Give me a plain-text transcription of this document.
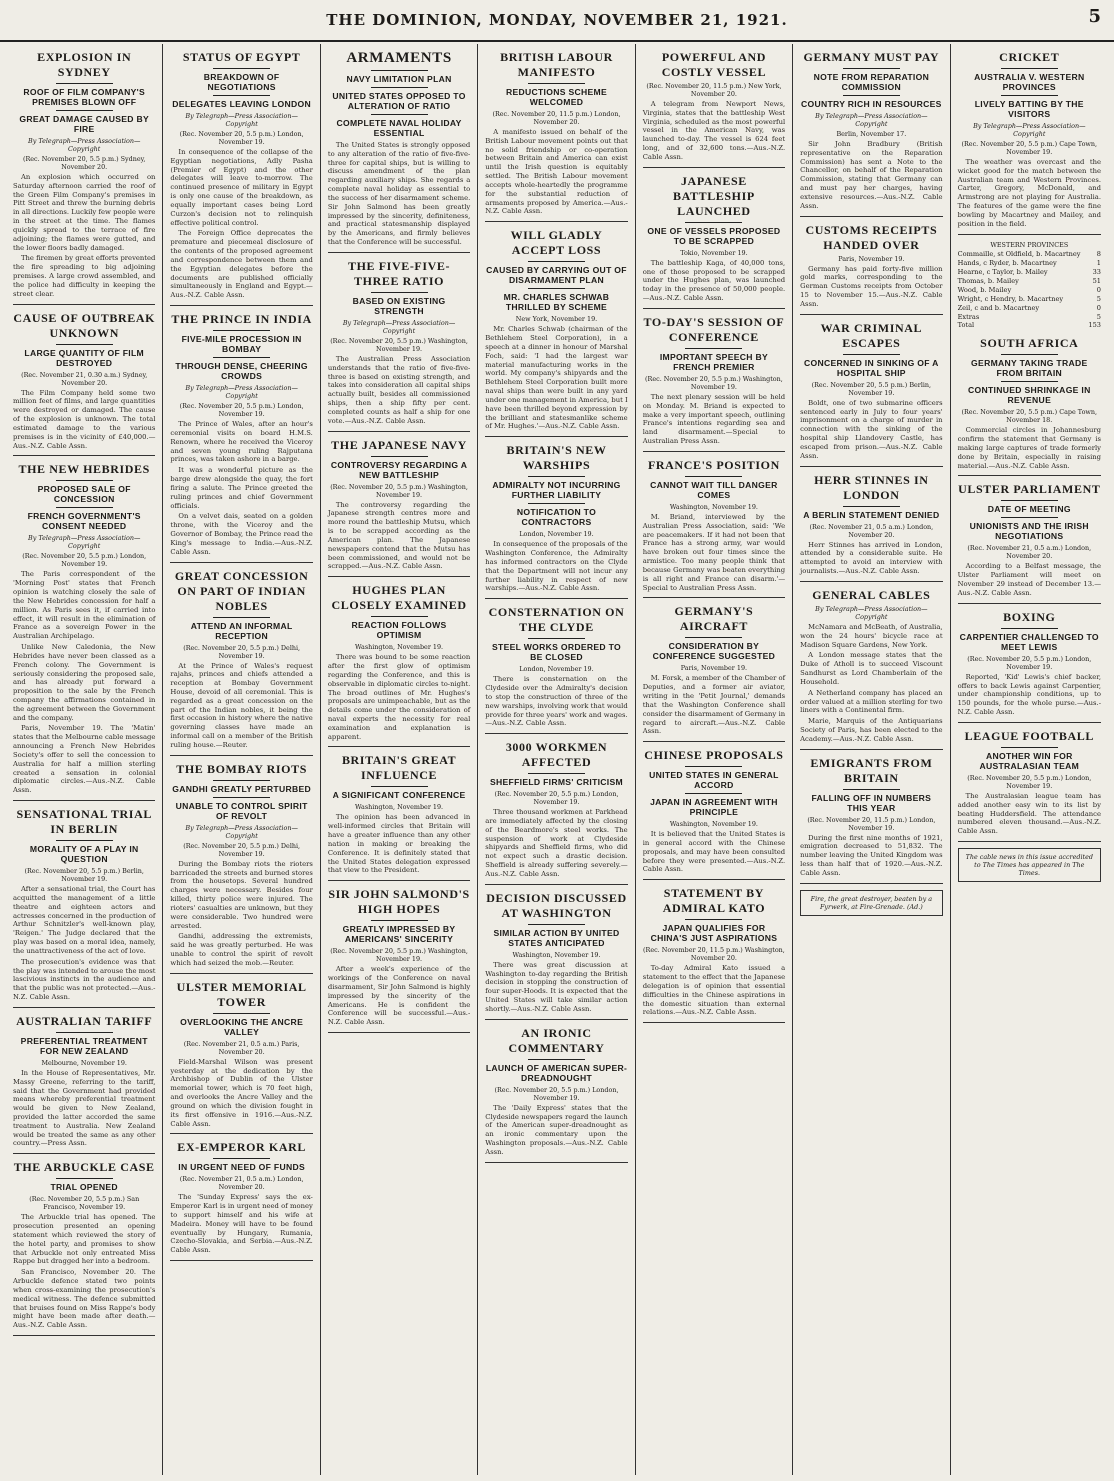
THE DOMINION, MONDAY, NOVEMBER 21, 1921.	5
EXPLOSION IN SYDNEY
ROOF OF FILM COMPANY'S PREMISES BLOWN OFF
GREAT DAMAGE CAUSED BY FIRE
By Telegraph—Press Association—Copyright
(Rec. November 20, 5.5 p.m.) Sydney, November 20.

An explosion which occurred on Saturday afternoon carried the roof of the Green Film Company's premises in Pitt Street and threw the burning debris in all directions. Luckily few people were in the street at the time. The flames quickly spread to the terrace of fire adjoining; the flames were gutted, and the lower floors badly damaged.

The firemen by great efforts prevented the fire spreading to big adjoining premises. A large crowd assembled, and the police had difficulty in keeping the street clear.

CAUSE OF OUTBREAK UNKNOWN
LARGE QUANTITY OF FILM DESTROYED
(Rec. November 21, 0.30 a.m.) Sydney, November 20.

The Film Company held some two million feet of films, and large quantities were destroyed or damaged. The cause of the explosion is unknown. The total estimated damage to the various premises is in the vicinity of £40,000.—Aus.-N.Z. Cable Assn.

THE NEW HEBRIDES
PROPOSED SALE OF CONCESSION
FRENCH GOVERNMENT'S CONSENT NEEDED
By Telegraph—Press Association—Copyright
(Rec. November 20, 5.5 p.m.) London, November 19.

The Paris correspondent of the 'Morning Post' states that French opinion is watching closely the sale of the New Hebrides concession for half a million. As Paris sees it, if carried into effect, it will result in the elimination of France as a sovereign Power in the Australian Archipelago.

Unlike New Caledonia, the New Hebrides have never been classed as a French colony. The Government is seriously considering the proposed sale, and has already put forward a proposition to the sale by the French company the affirmations contained in the agreement between the Government and the company.

Paris, November 19. The 'Matin' states that the Melbourne cable message announcing a French New Hebrides Society's offer to sell the concession to Australia for half a million sterling created a sensation in colonial diplomatic circles.—Aus.-N.Z. Cable Assn.

SENSATIONAL TRIAL IN BERLIN
MORALITY OF A PLAY IN QUESTION
(Rec. November 20, 5.5 p.m.) Berlin, November 19.

After a sensational trial, the Court has acquitted the management of a little theatre and eighteen actors and actresses concerned in the production of Arthur Schnitzler's well-known play, 'Reigen.' The Judge declared that the play was based on a moral idea, namely, the unattractiveness of the act of love.

The prosecution's evidence was that the play was intended to arouse the most lascivious instincts in the audience and that the public was not protected.—Aus.-N.Z. Cable Assn.

AUSTRALIAN TARIFF
PREFERENTIAL TREATMENT FOR NEW ZEALAND
Melbourne, November 19.

In the House of Representatives, Mr. Massy Greene, referring to the tariff, said that the Government had provided means whereby preferential treatment would be given to New Zealand, provided the latter accorded the same treatment to Australia. New Zealand would be treated the same as any other country.—Press Assn.

THE ARBUCKLE CASE
TRIAL OPENED
(Rec. November 20, 5.5 p.m.) San Francisco, November 19.

The Arbuckle trial has opened. The prosecution presented an opening statement which reviewed the story of the hotel party, and promises to show that Arbuckle not only entreated Miss Rappe but dragged her into a bedroom.

San Francisco, November 20. The Arbuckle defence stated two points when cross-examining the prosecution's medical witness. The defence submitted that bruises found on Miss Rappe's body might have been made after death.—Aus.-N.Z. Cable Assn.

STATUS OF EGYPT
BREAKDOWN OF NEGOTIATIONS
DELEGATES LEAVING LONDON
By Telegraph—Press Association—Copyright
(Rec. November 20, 5.5 p.m.) London, November 19.

In consequence of the collapse of the Egyptian negotiations, Adly Pasha (Premier of Egypt) and the other delegates will leave to-morrow. The continued presence of military in Egypt is only one cause of the breakdown, as equally important cases being Lord Curzon's decision not to relinquish effective political control.

The Foreign Office deprecates the premature and piecemeal disclosure of the contents of the proposed agreement and correspondence between them and the Egyptian delegates before the documents are published officially simultaneously in England and Egypt.—Aus.-N.Z. Cable Assn.

THE PRINCE IN INDIA
FIVE-MILE PROCESSION IN BOMBAY
THROUGH DENSE, CHEERING CROWDS
By Telegraph—Press Association—Copyright
(Rec. November 20, 5.5 p.m.) London, November 19.

The Prince of Wales, after an hour's ceremonial visits on board H.M.S. Renown, where he received the Viceroy and seven young ruling Rajputana princes, was taken ashore in a barge.

It was a wonderful picture as the barge drew alongside the quay, the fort firing a salute. The Prince greeted the ruling princes and chief Government officials.

On a velvet dais, seated on a golden throne, with the Viceroy and the Governor of Bombay, the Prince read the King's message to India.—Aus.-N.Z. Cable Assn.

GREAT CONCESSION ON PART OF INDIAN NOBLES
ATTEND AN INFORMAL RECEPTION
(Rec. November 20, 5.5 p.m.) Delhi, November 19.

At the Prince of Wales's request rajahs, princes and chiefs attended a reception at Bombay Government House, devoid of all ceremonial. This is regarded as a great concession on the part of the Indian nobles, it being the first occasion in history where the native governing classes have made an informal call on a member of the British ruling house.—Reuter.

THE BOMBAY RIOTS
GANDHI GREATLY PERTURBED
UNABLE TO CONTROL SPIRIT OF REVOLT
By Telegraph—Press Association—Copyright
(Rec. November 20, 5.5 p.m.) Delhi, November 19.

During the Bombay riots the rioters barricaded the streets and burned stores from the housetops. Several hundred charges were necessary. Besides four killed, thirty police were injured. The rioters' casualties are unknown, but they were considerable. Two hundred were arrested.

Gandhi, addressing the extremists, said he was greatly perturbed. He was unable to control the spirit of revolt which had seized the mob.—Reuter.

ULSTER MEMORIAL TOWER
OVERLOOKING THE ANCRE VALLEY
(Rec. November 21, 0.5 a.m.) Paris, November 20.

Field-Marshal Wilson was present yesterday at the dedication by the Archbishop of Dublin of the Ulster memorial tower, which is 70 feet high, and overlooks the Ancre Valley and the ground on which the division fought in its first offensive in 1916.—Aus.-N.Z. Cable Assn.

EX-EMPEROR KARL
IN URGENT NEED OF FUNDS
(Rec. November 21, 0.5 a.m.) London, November 20.

The 'Sunday Express' says the ex-Emperor Karl is in urgent need of money to support himself and his wife at Madeira. Money will have to be found eventually by Hungary, Rumania, Czecho-Slovakia, and Serbia.—Aus.-N.Z. Cable Assn.

ARMAMENTS
NAVY LIMITATION PLAN
UNITED STATES OPPOSED TO ALTERATION OF RATIO
COMPLETE NAVAL HOLIDAY ESSENTIAL

The United States is strongly opposed to any alteration of the ratio of five-five-three for capital ships, but is willing to discuss amendment of the plan regarding auxiliary ships. She regards a complete naval holiday as essential to the success of her disarmament scheme. Sir John Salmond has been greatly impressed by the sincerity, definiteness, and practical statesmanship displayed by the Americans, and firmly believes that the Conference will be successful.

THE FIVE-FIVE-THREE RATIO
BASED ON EXISTING STRENGTH
By Telegraph—Press Association—Copyright
(Rec. November 20, 5.5 p.m.) Washington, November 19.

The Australian Press Association understands that the ratio of five-five-three is based on existing strength, and takes into consideration all capital ships actually built, besides all commissioned ships, then a ship fifty per cent. completed counts as half a ship for one vote.—Aus.-N.Z. Cable Assn.

THE JAPANESE NAVY
CONTROVERSY REGARDING A NEW BATTLESHIP
(Rec. November 20, 5.5 p.m.) Washington, November 19.

The controversy regarding the Japanese strength centres more and more round the battleship Mutsu, which is to be scrapped according as the American plan. The Japanese newspapers contend that the Mutsu has been commissioned, and would not be scrapped.—Aus.-N.Z. Cable Assn.

HUGHES PLAN CLOSELY EXAMINED
REACTION FOLLOWS OPTIMISM
Washington, November 19.

There was bound to be some reaction after the first glow of optimism regarding the Conference, and this is observable in diplomatic circles to-night. The broad outlines of Mr. Hughes's proposals are unimpeachable, but as the details come under the consideration of naval experts the necessity for real examination and explanation is apparent.

BRITAIN'S GREAT INFLUENCE
A SIGNIFICANT CONFERENCE
Washington, November 19.

The opinion has been advanced in well-informed circles that Britain will have a greater influence than any other nation in making or breaking the Conference. It is definitely stated that the United States delegation expressed that view to the President.

SIR JOHN SALMOND'S HIGH HOPES
GREATLY IMPRESSED BY AMERICANS' SINCERITY
(Rec. November 20, 5.5 p.m.) Washington, November 19.

After a week's experience of the workings of the Conference on naval disarmament, Sir John Salmond is highly impressed by the sincerity of the Americans. He is confident the Conference will be successful.—Aus.-N.Z. Cable Assn.

BRITISH LABOUR MANIFESTO
REDUCTIONS SCHEME WELCOMED
(Rec. November 20, 11.5 p.m.) London, November 20.

A manifesto issued on behalf of the British Labour movement points out that no solid friendship or co-operation between Britain and America can exist until the Irish question is equitably settled. The British Labour movement accepts whole-heartedly the programme for the substantial reduction of armaments proposed by America.—Aus.-N.Z. Cable Assn.

WILL GLADLY ACCEPT LOSS
CAUSED BY CARRYING OUT OF DISARMAMENT PLAN
MR. CHARLES SCHWAB THRILLED BY SCHEME
New York, November 19.

Mr. Charles Schwab (chairman of the Bethlehem Steel Corporation), in a speech at a dinner in honour of Marshal Foch, said: 'I had the largest war material manufacturing works in the world. My company's shipyards and the Bethlehem Steel Corporation built more naval ships than were built in any yard under one management in America, but I have been thrilled beyond expression by the brilliant and statesmanlike scheme of Mr. Hughes.'—Aus.-N.Z. Cable Assn.

BRITAIN'S NEW WARSHIPS
ADMIRALTY NOT INCURRING FURTHER LIABILITY
NOTIFICATION TO CONTRACTORS
London, November 19.

In consequence of the proposals of the Washington Conference, the Admiralty has informed contractors on the Clyde that the Department will not incur any further liability in respect of new warships.—Aus.-N.Z. Cable Assn.

CONSTERNATION ON THE CLYDE
STEEL WORKS ORDERED TO BE CLOSED
London, November 19.

There is consternation on the Clydeside over the Admiralty's decision to stop the construction of three of the new warships, involving work that would provide for three years' work and wages.—Aus.-N.Z. Cable Assn.

3000 WORKMEN AFFECTED
SHEFFIELD FIRMS' CRITICISM
(Rec. November 20, 5.5 p.m.) London, November 19.

Three thousand workmen at Parkhead are immediately affected by the closing of the Beardmore's steel works. The suspension of work at Clydeside shipyards and Sheffield firms, who did not expect such a drastic decision. Sheffield is already suffering severely.—Aus.-N.Z. Cable Assn.

DECISION DISCUSSED AT WASHINGTON
SIMILAR ACTION BY UNITED STATES ANTICIPATED
Washington, November 19.

There was great discussion at Washington to-day regarding the British decision in stopping the construction of four super-Hoods. It is expected that the United States will take similar action shortly.—Aus.-N.Z. Cable Assn.

AN IRONIC COMMENTARY
LAUNCH OF AMERICAN SUPER-DREADNOUGHT
(Rec. November 20, 5.5 p.m.) London, November 19.

The 'Daily Express' states that the Clydeside newspapers regard the launch of the American super-dreadnought as an ironic commentary upon the Washington proposals.—Aus.-N.Z. Cable Assn.

POWERFUL AND COSTLY VESSEL
(Rec. November 20, 11.5 p.m.) New York, November 20.

A telegram from Newport News, Virginia, states that the battleship West Virginia, scheduled as the most powerful vessel in the American Navy, was launched to-day. The vessel is 624 feet long, and of 32,600 tons.—Aus.-N.Z. Cable Assn.

JAPANESE BATTLESHIP LAUNCHED
ONE OF VESSELS PROPOSED TO BE SCRAPPED
Tokio, November 19.

The battleship Kaga, of 40,000 tons, one of those proposed to be scrapped under the Hughes plan, was launched today in the presence of 50,000 people.—Aus.-N.Z. Cable Assn.

TO-DAY'S SESSION OF CONFERENCE
IMPORTANT SPEECH BY FRENCH PREMIER
(Rec. November 20, 5.5 p.m.) Washington, November 19.

The next plenary session will be held on Monday. M. Briand is expected to make a very important speech, outlining France's intentions regarding sea and land disarmament.—Special to Australian Press Assn.

FRANCE'S POSITION
CANNOT WAIT TILL DANGER COMES
Washington, November 19.

M. Briand, interviewed by the Australian Press Association, said: 'We are peacemakers. If it had not been that France has a strong army, war would have broken out four times since the armistice. Too many people think that because Germany was beaten everything is all right and France can disarm.'—Special to Australian Press Assn.

GERMANY'S AIRCRAFT
CONSIDERATION BY CONFERENCE SUGGESTED
Paris, November 19.

M. Forsk, a member of the Chamber of Deputies, and a former air aviator, writing in the 'Petit Journal,' demands that the Washington Conference shall consider the disarmament of Germany in regard to aircraft.—Aus.-N.Z. Cable Assn.

CHINESE PROPOSALS
UNITED STATES IN GENERAL ACCORD
JAPAN IN AGREEMENT WITH PRINCIPLE
Washington, November 19.

It is believed that the United States is in general accord with the Chinese proposals, and may have been consulted before they were presented.—Aus.-N.Z. Cable Assn.

STATEMENT BY ADMIRAL KATO
JAPAN QUALIFIES FOR CHINA'S JUST ASPIRATIONS
(Rec. November 20, 11.5 p.m.) Washington, November 20.

To-day Admiral Kato issued a statement to the effect that the Japanese delegation is of opinion that essential difficulties in the Chinese aspirations in the domestic situation than external relations.—Aus.-N.Z. Cable Assn.

GERMANY MUST PAY
NOTE FROM REPARATION COMMISSION
COUNTRY RICH IN RESOURCES
By Telegraph—Press Association—Copyright
Berlin, November 17.

Sir John Bradbury (British representative on the Reparation Commission) has sent a Note to the Chancellor, on behalf of the Reparation Commission, stating that Germany can and must pay her charges, having extensive resources.—Aus.-N.Z. Cable Assn.

CUSTOMS RECEIPTS HANDED OVER
Paris, November 19.

Germany has paid forty-five million gold marks, corresponding to the German Customs receipts from October 15 to November 15.—Aus.-N.Z. Cable Assn.

WAR CRIMINAL ESCAPES
CONCERNED IN SINKING OF A HOSPITAL SHIP
(Rec. November 20, 5.5 p.m.) Berlin, November 19.

Boldt, one of two submarine officers sentenced early in July to four years' imprisonment on a charge of murder in connection with the sinking of the hospital ship Llandovery Castle, has escaped from prison.—Aus.-N.Z. Cable Assn.

HERR STINNES IN LONDON
A BERLIN STATEMENT DENIED
(Rec. November 21, 0.5 a.m.) London, November 20.

Herr Stinnes has arrived in London, attended by a considerable suite. He attempted to avoid an interview with journalists.—Aus.-N.Z. Cable Assn.

GENERAL CABLES
By Telegraph—Press Association—Copyright

McNamara and McBeath, of Australia, won the 24 hours' bicycle race at Madison Square Gardens, New York.

A London message states that the Duke of Atholl is to succeed Viscount Sandhurst as Lord Chamberlain of the Household.

A Netherland company has placed an order valued at a million sterling for two liners with a Continental firm.

Marie, Marquis of the Antiquarians Society of Paris, has been elected to the Academy.—Aus.-N.Z. Cable Assn.

EMIGRANTS FROM BRITAIN
FALLING OFF IN NUMBERS THIS YEAR
(Rec. November 20, 11.5 p.m.) London, November 19.

During the first nine months of 1921, emigration decreased to 51,832. The number leaving the United Kingdom was less than half that of 1920.—Aus.-N.Z. Cable Assn.

Fire, the great destroyer, beaten by a Fyrwerk, at Fire-Grenade. (Ad.)
CRICKET
AUSTRALIA V. WESTERN PROVINCES
LIVELY BATTING BY THE VISITORS
By Telegraph—Press Association—Copyright
(Rec. November 20, 5.5 p.m.) Cape Town, November 19.

The weather was overcast and the wicket good for the match between the Australian team and Western Provinces. Carter, Gregory, McDonald, and Armstrong are not playing for Australia. The features of the game were the fine bowling by Macartney and Mailey, and position in the field.

WESTERN PROVINCES
Commaille, st Oldfield, b. Macartney 8
Hands, c Ryder, b. Macartney	1
Hearne, c Taylor, b. Mailey	33
Thomas, b. Mailey	51
Wood, b. Mailey	0
Wright, c Hendry, b. Macartney	5
Zeil, c and b. Macartney	0
Extras	5
Total	153
SOUTH AFRICA
GERMANY TAKING TRADE FROM BRITAIN
CONTINUED SHRINKAGE IN REVENUE
(Rec. November 20, 5.5 p.m.) Cape Town, November 18.

Commercial circles in Johannesburg confirm the statement that Germany is making large captures of trade formerly done by Britain, especially in raising material.—Aus.-N.Z. Cable Assn.

ULSTER PARLIAMENT
DATE OF MEETING
UNIONISTS AND THE IRISH NEGOTIATIONS
(Rec. November 21, 0.5 a.m.) London, November 20.

According to a Belfast message, the Ulster Parliament will meet on November 29 instead of December 13.—Aus.-N.Z. Cable Assn.

BOXING
CARPENTIER CHALLENGED TO MEET LEWIS
(Rec. November 20, 5.5 p.m.) London, November 19.

Reported, 'Kid' Lewis's chief backer, offers to back Lewis against Carpentier, under championship conditions, up to 150 pounds, for the whole purse.—Aus.-N.Z. Cable Assn.

LEAGUE FOOTBALL
ANOTHER WIN FOR AUSTRALASIAN TEAM
(Rec. November 20, 5.5 p.m.) London, November 19.

The Australasian league team has added another easy win to its list by beating Huddersfield. The attendance numbered eleven thousand.—Aus.-N.Z. Cable Assn.

The cable news in this issue accredited to The Times has appeared in The Times.
